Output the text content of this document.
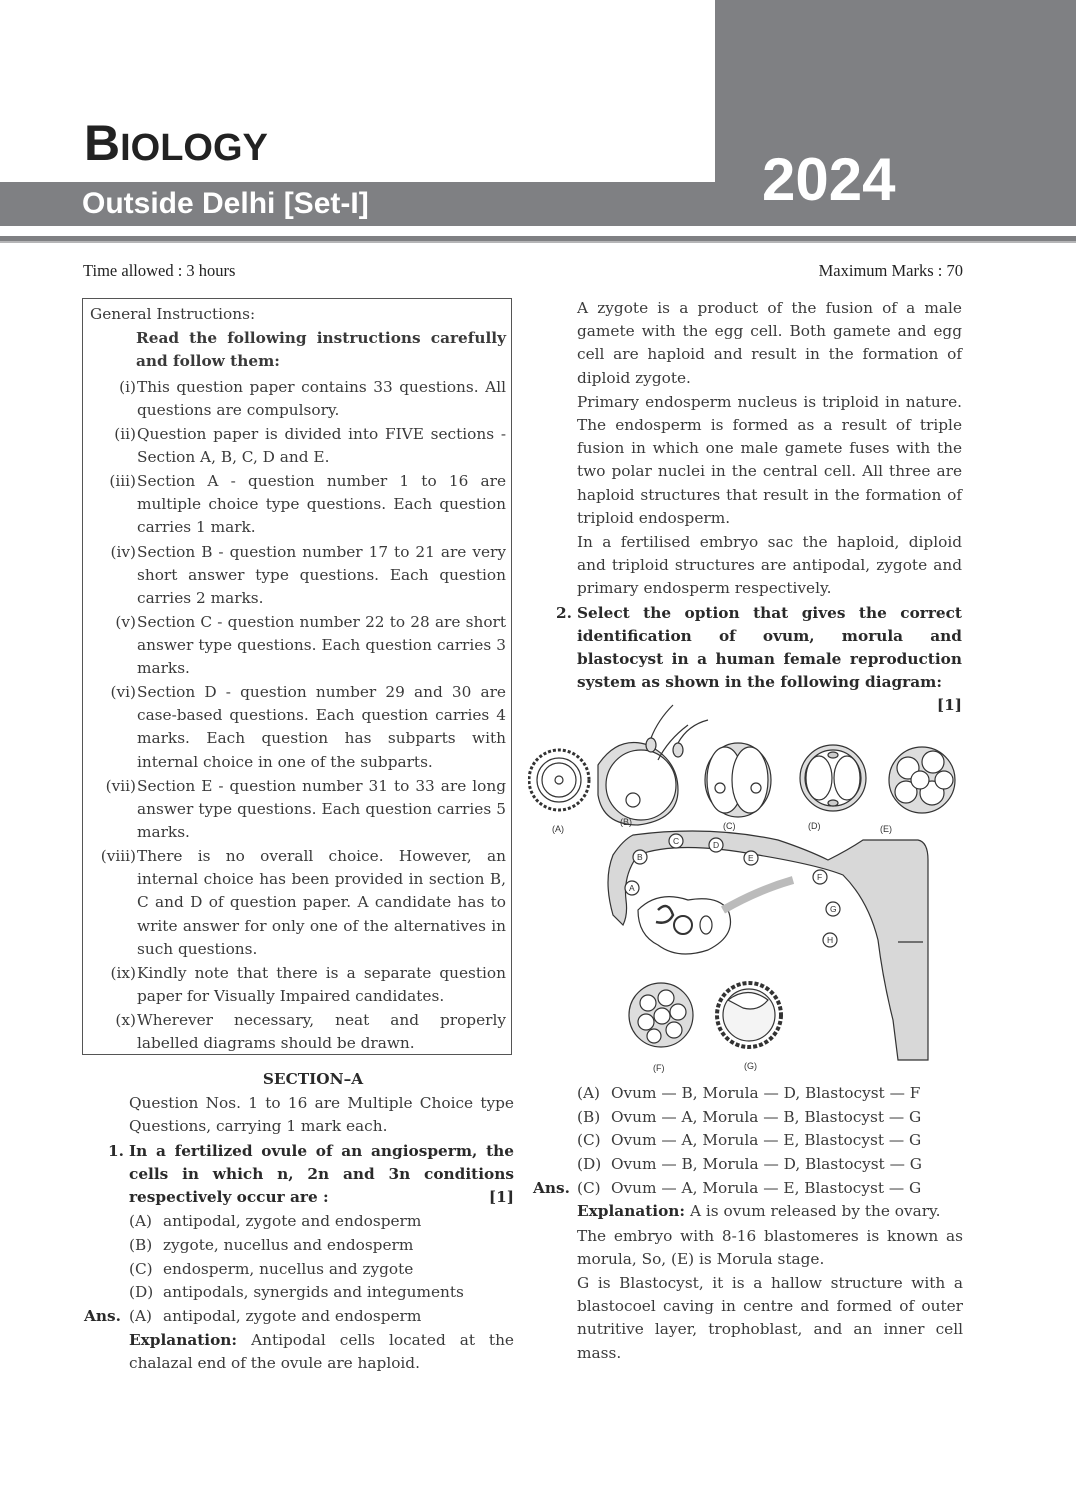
BIOLOGY
Outside Delhi [Set-I]	2024
Time allowed : 3 hours	Maximum Marks : 70
General Instructions:
Read the following instructions carefully and follow them:
(i) This question paper contains 33 questions. All questions are compulsory.
(ii) Question paper is divided into FIVE sections - Section A, B, C, D and E.
(iii) Section A - question number 1 to 16 are multiple choice type questions. Each question carries 1 mark.
(iv) Section B - question number 17 to 21 are very short answer type questions. Each question carries 2 marks.
(v) Section C - question number 22 to 28 are short answer type questions. Each question carries 3 marks.
(vi) Section D - question number 29 and 30 are case-based questions. Each question carries 4 marks. Each question has subparts with internal choice in one of the subparts.
(vii) Section E - question number 31 to 33 are long answer type questions. Each question carries 5 marks.
(viii) There is no overall choice. However, an internal choice has been provided in section B, C and D of question paper. A candidate has to write answer for only one of the alternatives in such questions.
(ix) Kindly note that there is a separate question paper for Visually Impaired candidates.
(x) Wherever necessary, neat and properly labelled diagrams should be drawn.
SECTION–A
Question Nos. 1 to 16 are Multiple Choice type Questions, carrying 1 mark each.
1. In a fertilized ovule of an angiosperm, the cells in which n, 2n and 3n conditions respectively occur are :	[1]
(A) antipodal, zygote and endosperm
(B) zygote, nucellus and endosperm
(C) endosperm, nucellus and zygote
(D) antipodals, synergids and integuments
Ans. (A) antipodal, zygote and endosperm
Explanation: Antipodal cells located at the chalazal end of the ovule are haploid.
A zygote is a product of the fusion of a male gamete with the egg cell. Both gamete and egg cell are haploid and result in the formation of diploid zygote.
Primary endosperm nucleus is triploid in nature. The endosperm is formed as a result of triple fusion in which one male gamete fuses with the two polar nuclei in the central cell. All three are haploid structures that result in the formation of triploid endosperm.
In a fertilised embryo sac the haploid, diploid and triploid structures are antipodal, zygote and primary endosperm respectively.
2. Select the option that gives the correct identification of ovum, morula and blastocyst in a human female reproduction system as shown in the following diagram:
[1]
A
B
C	D
E
F
G
H
(A)
(B)	(C)	(D)	(E)
(F)	(G)
(A) Ovum — B, Morula — D, Blastocyst — F
(B) Ovum — A, Morula — B, Blastocyst — G
(C) Ovum — A, Morula — E, Blastocyst — G
(D) Ovum — B, Morula — D, Blastocyst — G
Ans. (C) Ovum — A, Morula — E, Blastocyst — G
Explanation: A is ovum released by the ovary.
The embryo with 8-16 blastomeres is known as morula, So, (E) is Morula stage.
G is Blastocyst, it is a hallow structure with a blastocoel caving in centre and formed of outer nutritive layer, trophoblast, and an inner cell mass.
